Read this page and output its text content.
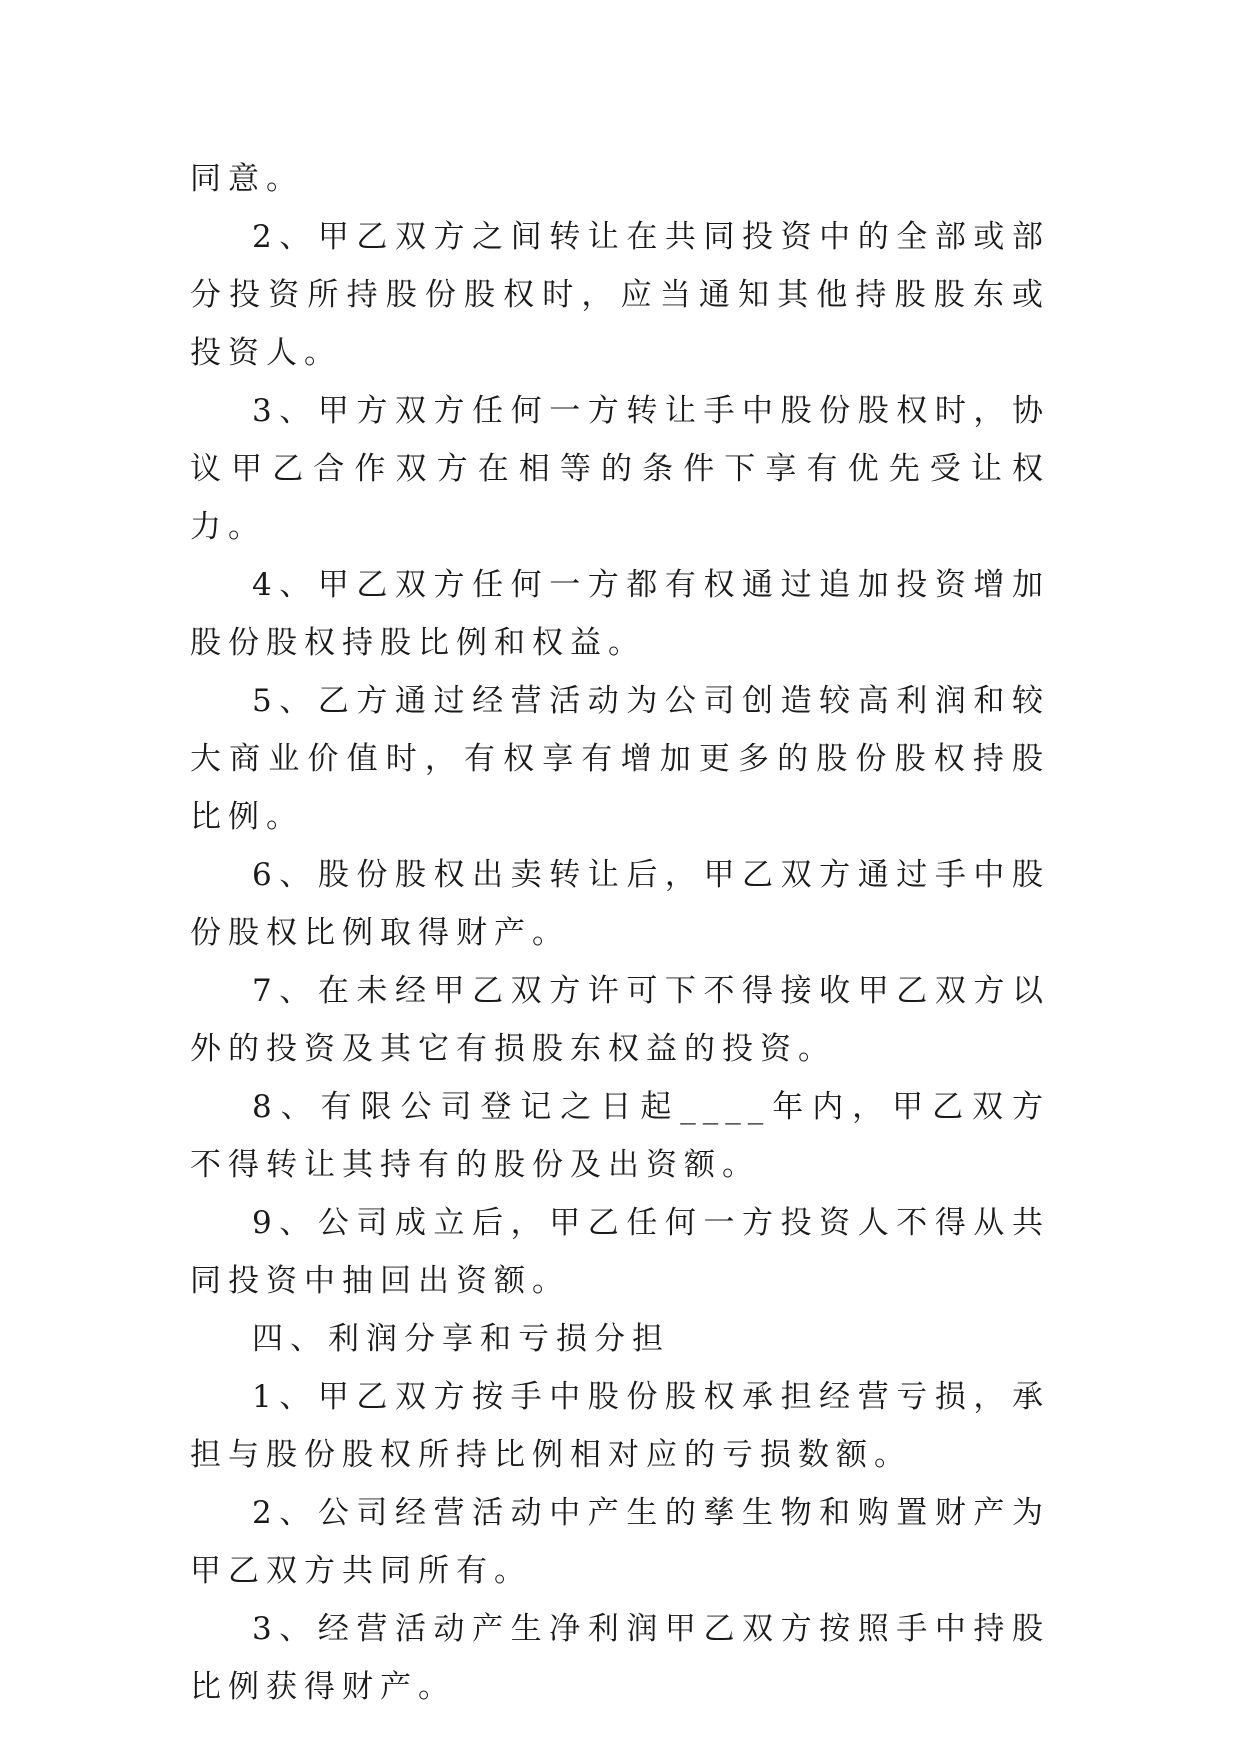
同意。

2、甲乙双方之间转让在共同投资中的全部或部分投资所持股份股权时，应当通知其他持股股东或投资人。

3、甲方双方任何一方转让手中股份股权时，协议甲乙合作双方在相等的条件下享有优先受让权力。

4、甲乙双方任何一方都有权通过追加投资增加股份股权持股比例和权益。

5、乙方通过经营活动为公司创造较高利润和较大商业价值时，有权享有增加更多的股份股权持股比例。

6、股份股权出卖转让后，甲乙双方通过手中股份股权比例取得财产。

7、在未经甲乙双方许可下不得接收甲乙双方以外的投资及其它有损股东权益的投资。

8、有限公司登记之日起____年内，甲乙双方不得转让其持有的股份及出资额。

9、公司成立后，甲乙任何一方投资人不得从共同投资中抽回出资额。

四、利润分享和亏损分担

1、甲乙双方按手中股份股权承担经营亏损，承担与股份股权所持比例相对应的亏损数额。

2、公司经营活动中产生的孳生物和购置财产为甲乙双方共同所有。

3、经营活动产生净利润甲乙双方按照手中持股比例获得财产。
